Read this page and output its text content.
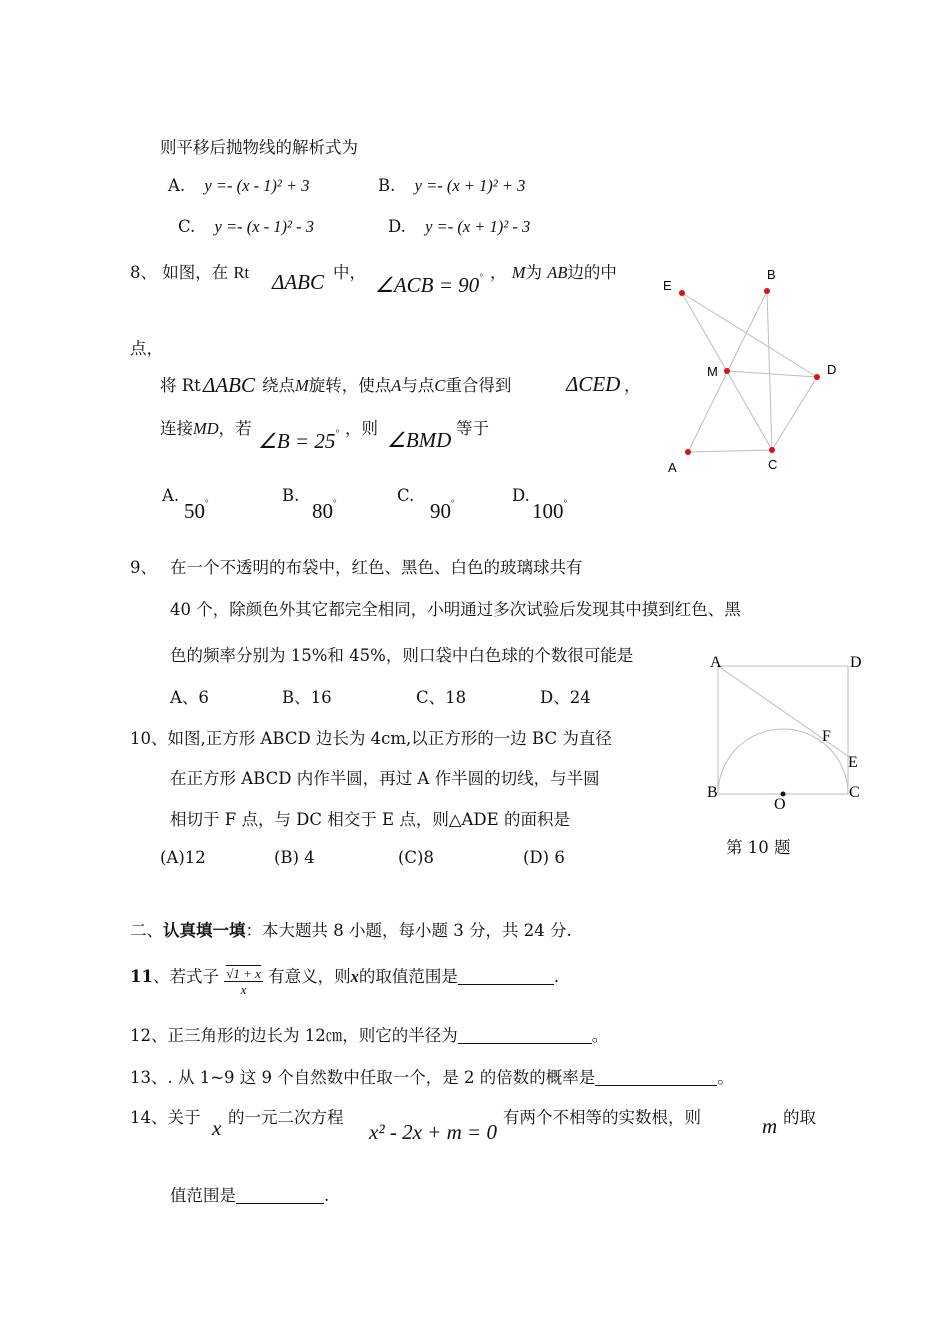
则平移后抛物线的解析式为
A. y =- (x - 1)² + 3	B. y =- (x + 1)² + 3
C. y =- (x - 1)² - 3	D. y =- (x + 1)² - 3
8、 如图，在 Rt ΔABC 中，
∠ACB = 90° ， M为 AB边的中
点，
将 Rt ΔABC 绕点M旋转，使点A与点C重合得到	ΔCED ，
连接MD，若
∠B = 25° ，则 ∠BMD 等于
A.
50°	B.
80°	C.
90°	D.
100°
E
B
D
M
A	C
9、 在一个不透明的布袋中，红色、黑色、白色的玻璃球共有
40 个，除颜色外其它都完全相同，小明通过多次试验后发现其中摸到红色、黑
色的频率分别为 15%和 45%，则口袋中白色球的个数很可能是
A、6	B、16	C、18	D、24
10、如图,正方形 ABCD 边长为 4cm,以正方形的一边 BC 为直径
在正方形 ABCD 内作半圆，再过 A 作半圆的切线，与半圆
相切于 F 点，与 DC 相交于 E 点，则△ADE 的面积是
(A)12	(B) 4	(C)8	(D) 6
A	D
F
E
B
O
C
第 10 题
二、认真填一填：本大题共 8 小题，每小题 3 分，共 24 分.
11、若式子 $\frac{√1 + x}{x}$ 有意义，则x的取值范围是	.
12、正三角形的边长为 12㎝，则它的半径为	。
13、. 从 1~9 这 9 个自然数中任取一个，是 2 的倍数的概率是	。
14、关于 x 的一元二次方程
x² - 2x + m = 0
有两个不相等的实数根，则	m 的取
值范围是	.
